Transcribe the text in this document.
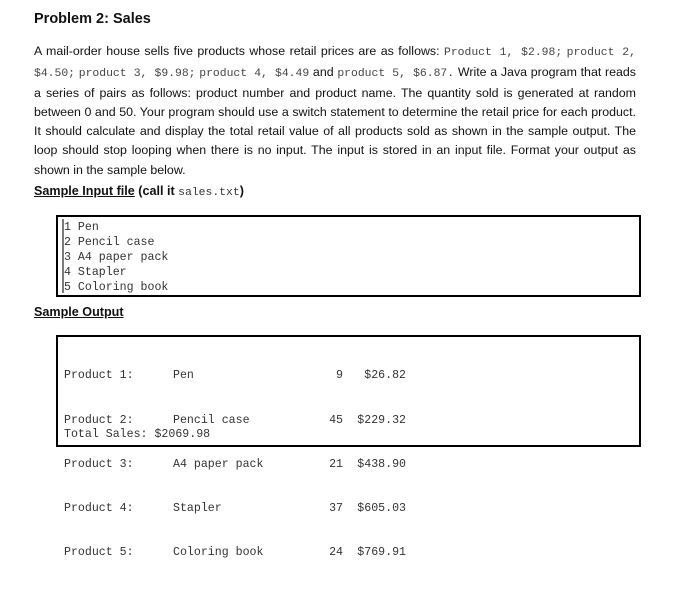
Problem 2: Sales

A mail-order house sells five products whose retail prices are as follows: Product 1, $2.98; product 2, $4.50; product 3, $9.98; product 4, $4.49 and product 5, $6.87. Write a Java program that reads a series of pairs as follows: product number and product name. The quantity sold is generated at random between 0 and 50. Your program should use a switch statement to determine the retail price for each product. It should calculate and display the total retail value of all products sold as shown in the sample output. The loop should stop looping when there is no input. The input is stored in an input file. Format your output as shown in the sample below.

Sample Input file (call it sales.txt)
1 Pen
2 Pencil case
3 A4 paper pack
4 Stapler
5 Coloring book
Sample Output

Product 1:

Product 2:

Product 3:

Product 4:

Product 5:

Pen

Pencil case

A4 paper pack

Stapler

Coloring book

9

45

21

37

24

$26.82

$229.32

$438.90

$605.03

$769.91

Total Sales: $2069.98
